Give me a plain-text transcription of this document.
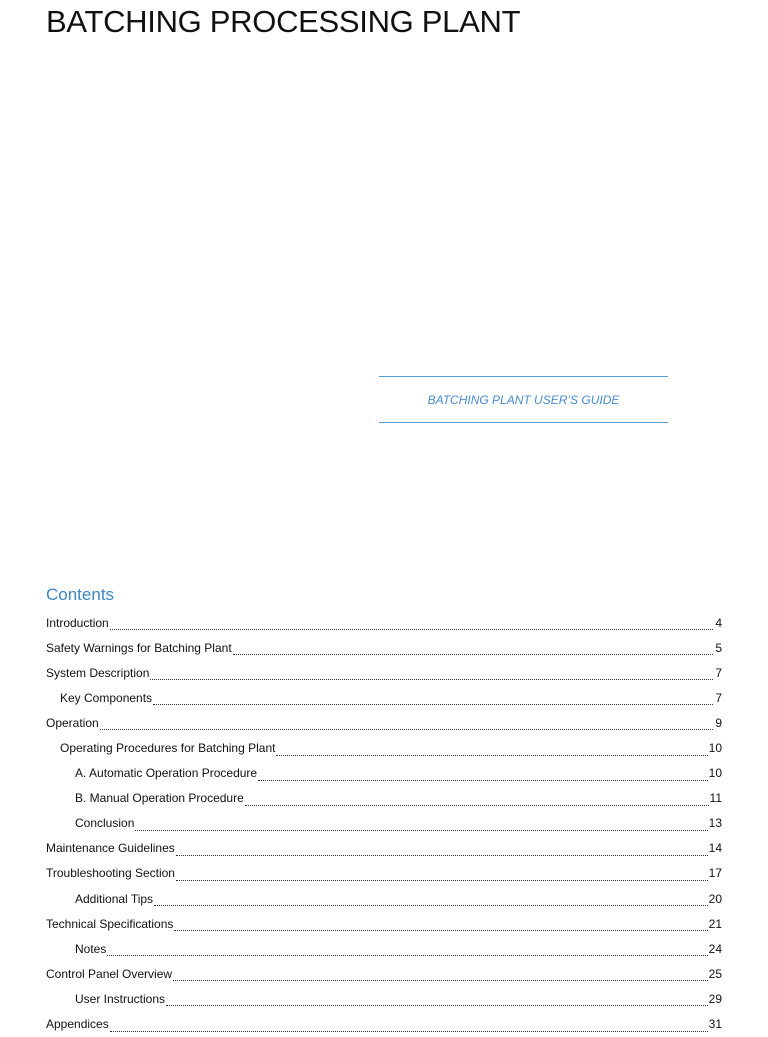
BATCHING PROCESSING PLANT
BATCHING PLANT USER’S GUIDE
Contents
Introduction	4
Safety Warnings for Batching Plant	5
System Description	7
Key Components	7
Operation	9
Operating Procedures for Batching Plant	10
A. Automatic Operation Procedure	10
B. Manual Operation Procedure	11
Conclusion	13
Maintenance Guidelines	14
Troubleshooting Section	17
Additional Tips	20
Technical Specifications	21
Notes	24
Control Panel Overview	25
User Instructions	29
Appendices	31
